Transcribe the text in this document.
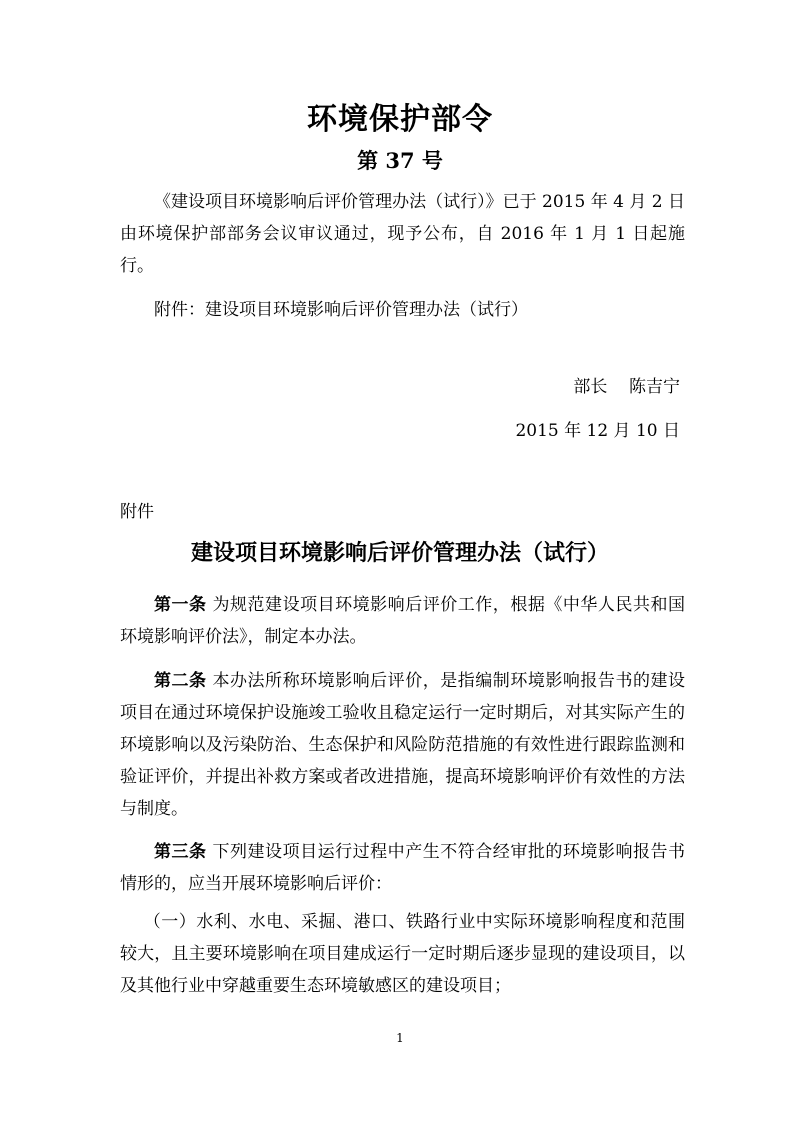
环境保护部令
第 37 号
《建设项目环境影响后评价管理办法（试行）》已于 2015 年 4 月 2 日由环境保护部部务会议审议通过，现予公布，自 2016 年 1 月 1 日起施行。
附件：建设项目环境影响后评价管理办法（试行）
部长    陈吉宁
2015 年 12 月 10 日
附件
建设项目环境影响后评价管理办法（试行）
第一条 为规范建设项目环境影响后评价工作，根据《中华人民共和国环境影响评价法》，制定本办法。
第二条 本办法所称环境影响后评价，是指编制环境影响报告书的建设项目在通过环境保护设施竣工验收且稳定运行一定时期后，对其实际产生的环境影响以及污染防治、生态保护和风险防范措施的有效性进行跟踪监测和验证评价，并提出补救方案或者改进措施，提高环境影响评价有效性的方法与制度。
第三条 下列建设项目运行过程中产生不符合经审批的环境影响报告书情形的，应当开展环境影响后评价：
（一）水利、水电、采掘、港口、铁路行业中实际环境影响程度和范围较大，且主要环境影响在项目建成运行一定时期后逐步显现的建设项目，以及其他行业中穿越重要生态环境敏感区的建设项目；
1
